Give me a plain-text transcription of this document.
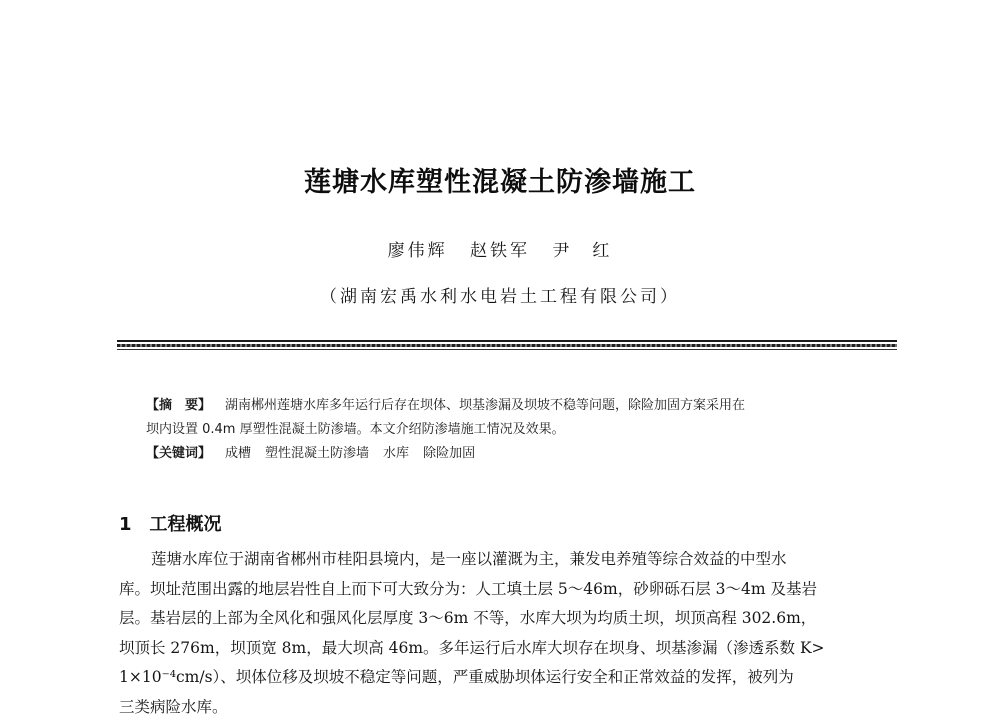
莲塘水库塑性混凝土防渗墙施工
廖伟辉 赵铁军 尹　红
（湖南宏禹水利水电岩土工程有限公司）
【摘　要】 湖南郴州莲塘水库多年运行后存在坝体、坝基渗漏及坝坡不稳等问题，除险加固方案采用在
坝内设置 0.4m 厚塑性混凝土防渗墙。本文介绍防渗墙施工情况及效果。
【关键词】 成槽 塑性混凝土防渗墙 水库 除险加固
1 工程概况
莲塘水库位于湖南省郴州市桂阳县境内，是一座以灌溉为主，兼发电养殖等综合效益的中型水
库。坝址范围出露的地层岩性自上而下可大致分为：人工填土层 5～46m，砂卵砾石层 3～4m 及基岩
层。基岩层的上部为全风化和强风化层厚度 3～6m 不等，水库大坝为均质土坝，坝顶高程 302.6m，
坝顶长 276m，坝顶宽 8m，最大坝高 46m。多年运行后水库大坝存在坝身、坝基渗漏（渗透系数 K>
1×10⁻⁴cm/s）、坝体位移及坝坡不稳定等问题，严重威胁坝体运行安全和正常效益的发挥，被列为
三类病险水库。
